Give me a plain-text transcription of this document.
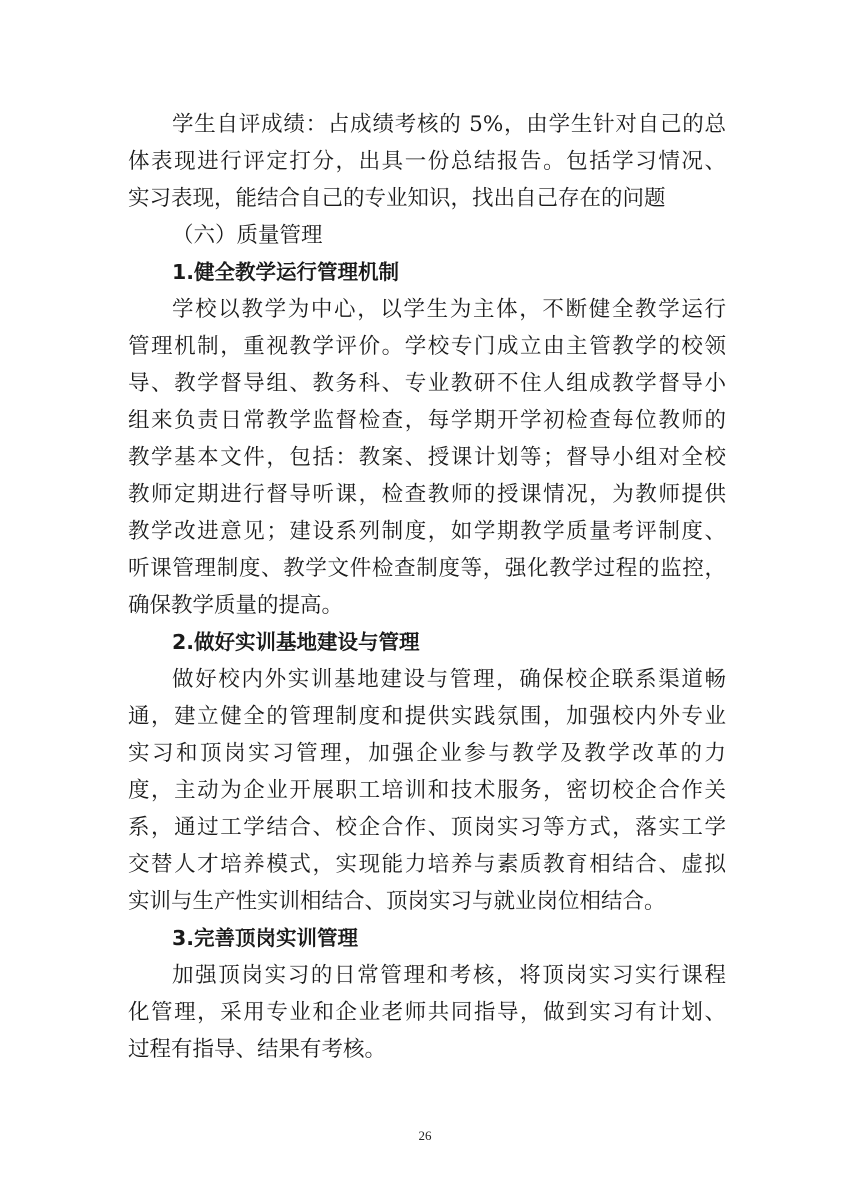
学生自评成绩：占成绩考核的 5%，由学生针对自己的总
体表现进行评定打分，出具一份总结报告。包括学习情况、
实习表现，能结合自己的专业知识，找出自己存在的问题
（六）质量管理
1.健全教学运行管理机制
学校以教学为中心，以学生为主体，不断健全教学运行
管理机制，重视教学评价。学校专门成立由主管教学的校领
导、教学督导组、教务科、专业教研不住人组成教学督导小
组来负责日常教学监督检查，每学期开学初检查每位教师的
教学基本文件，包括：教案、授课计划等；督导小组对全校
教师定期进行督导听课，检查教师的授课情况，为教师提供
教学改进意见；建设系列制度，如学期教学质量考评制度、
听课管理制度、教学文件检查制度等，强化教学过程的监控，
确保教学质量的提高。
2.做好实训基地建设与管理
做好校内外实训基地建设与管理，确保校企联系渠道畅
通，建立健全的管理制度和提供实践氛围，加强校内外专业
实习和顶岗实习管理，加强企业参与教学及教学改革的力
度，主动为企业开展职工培训和技术服务，密切校企合作关
系，通过工学结合、校企合作、顶岗实习等方式，落实工学
交替人才培养模式，实现能力培养与素质教育相结合、虚拟
实训与生产性实训相结合、顶岗实习与就业岗位相结合。
3.完善顶岗实训管理
加强顶岗实习的日常管理和考核，将顶岗实习实行课程
化管理，采用专业和企业老师共同指导，做到实习有计划、
过程有指导、结果有考核。
26
